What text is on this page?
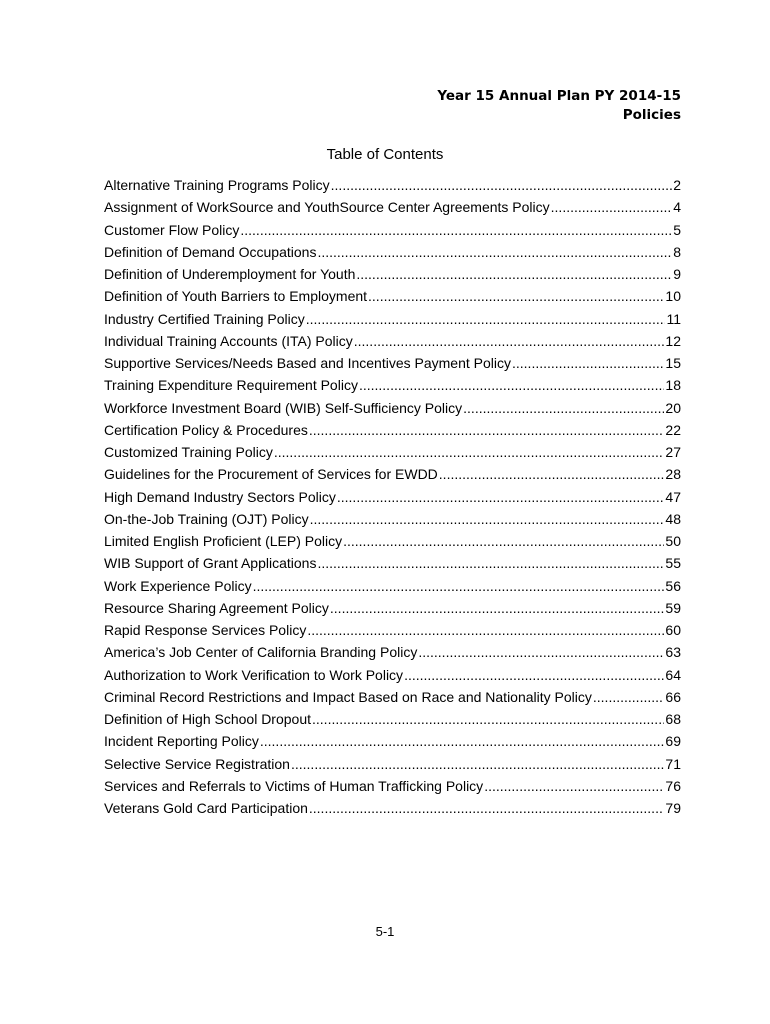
Year 15 Annual Plan PY 2014-15
Policies
Table of Contents
Alternative Training Programs Policy .....	2
Assignment of WorkSource and YouthSource Center Agreements Policy .....	4
Customer Flow Policy .....	5
Definition of Demand Occupations .....	8
Definition of Underemployment for Youth .....	9
Definition of Youth Barriers to Employment .....	10
Industry Certified Training Policy .....	11
Individual Training Accounts (ITA) Policy .....	12
Supportive Services/Needs Based and Incentives Payment Policy .....	15
Training Expenditure Requirement Policy .....	18
Workforce Investment Board (WIB) Self-Sufficiency Policy .....	20
Certification Policy & Procedures .....	22
Customized Training Policy .....	27
Guidelines for the Procurement of Services for EWDD .....	28
High Demand Industry Sectors Policy .....	47
On-the-Job Training (OJT) Policy .....	48
Limited English Proficient (LEP) Policy .....	50
WIB Support of Grant Applications .....	55
Work Experience Policy .....	56
Resource Sharing Agreement Policy .....	59
Rapid Response Services Policy .....	60
America’s Job Center of California Branding Policy .....	63
Authorization to Work Verification to Work Policy .....	64
Criminal Record Restrictions and Impact Based on Race and Nationality Policy .....	66
Definition of High School Dropout .....	68
Incident Reporting Policy .....	69
Selective Service Registration .....	71
Services and Referrals to Victims of Human Trafficking Policy .....	76
Veterans Gold Card Participation .....	79
5-1
